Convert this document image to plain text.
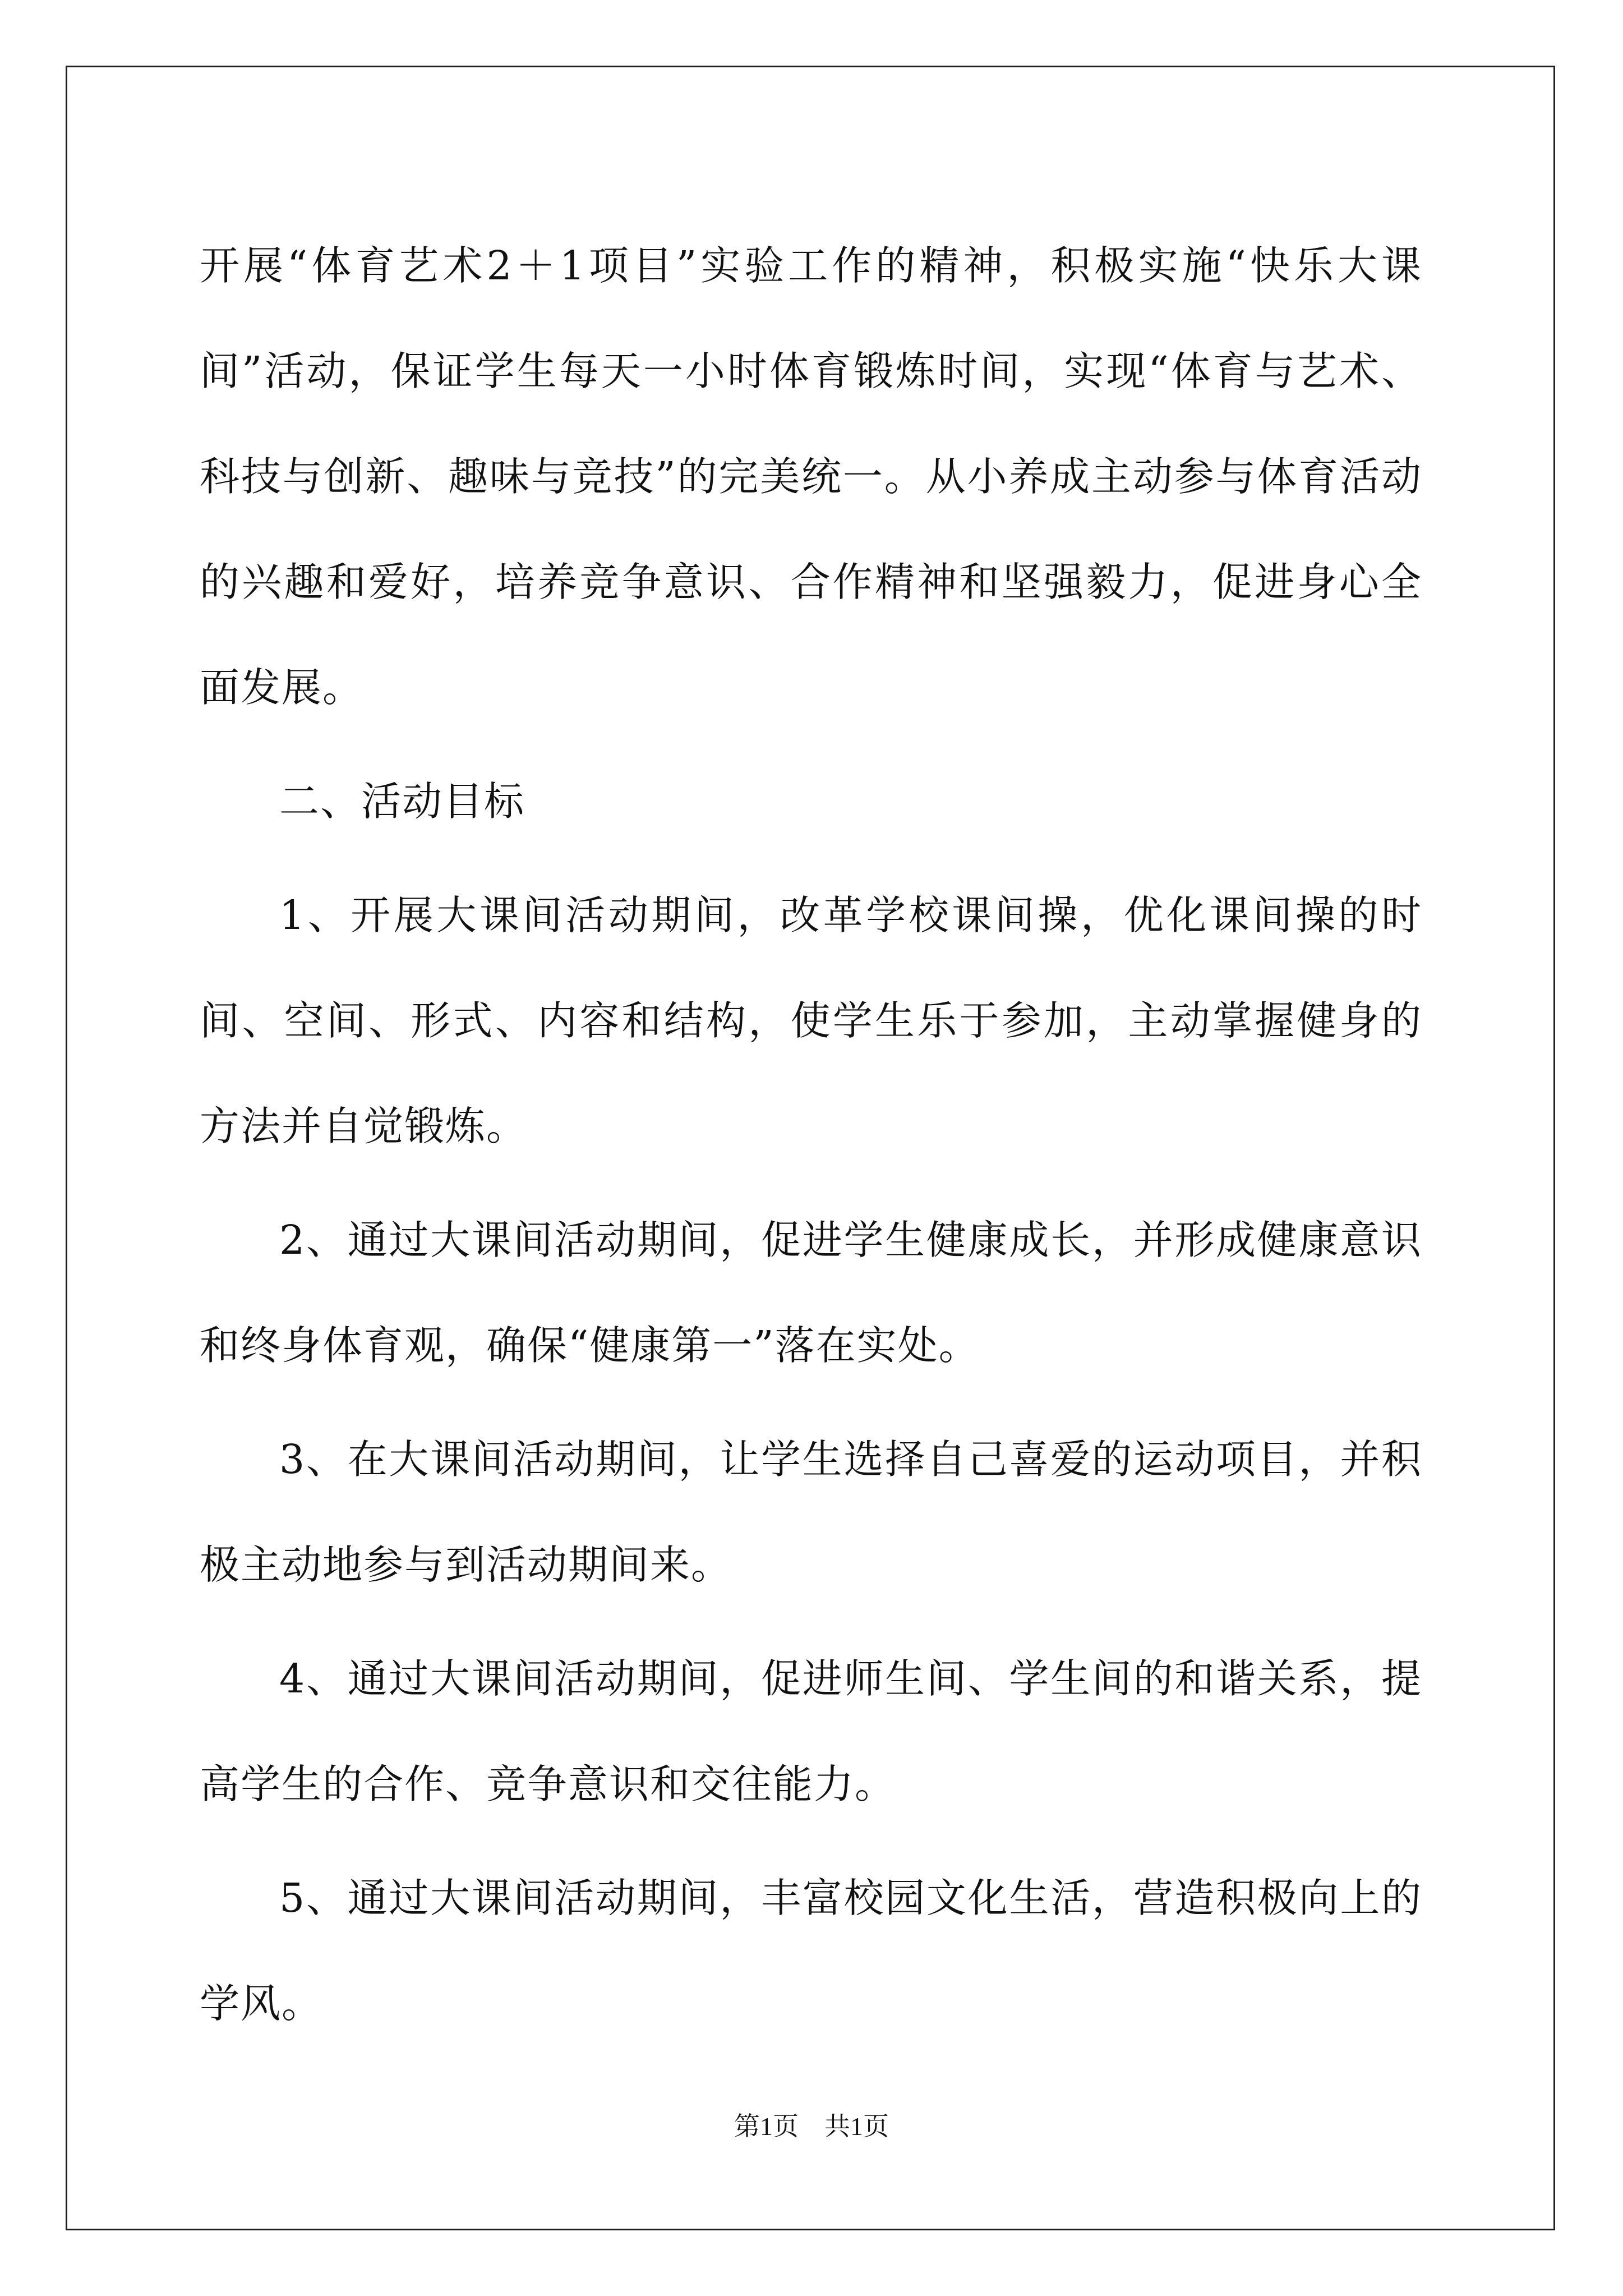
开展“体育艺术2＋1项目”实验工作的精神，积极实施“快乐大课间”活动，保证学生每天一小时体育锻炼时间，实现“体育与艺术、科技与创新、趣味与竞技”的完美统一。从小养成主动参与体育活动的兴趣和爱好，培养竞争意识、合作精神和坚强毅力，促进身心全面发展。

二、活动目标

1、开展大课间活动期间，改革学校课间操，优化课间操的时间、空间、形式、内容和结构，使学生乐于参加，主动掌握健身的方法并自觉锻炼。

2、通过大课间活动期间，促进学生健康成长，并形成健康意识和终身体育观，确保“健康第一”落在实处。

3、在大课间活动期间，让学生选择自己喜爱的运动项目，并积极主动地参与到活动期间来。

4、通过大课间活动期间，促进师生间、学生间的和谐关系，提高学生的合作、竞争意识和交往能力。

5、通过大课间活动期间，丰富校园文化生活，营造积极向上的学风。

第1页 共1页
